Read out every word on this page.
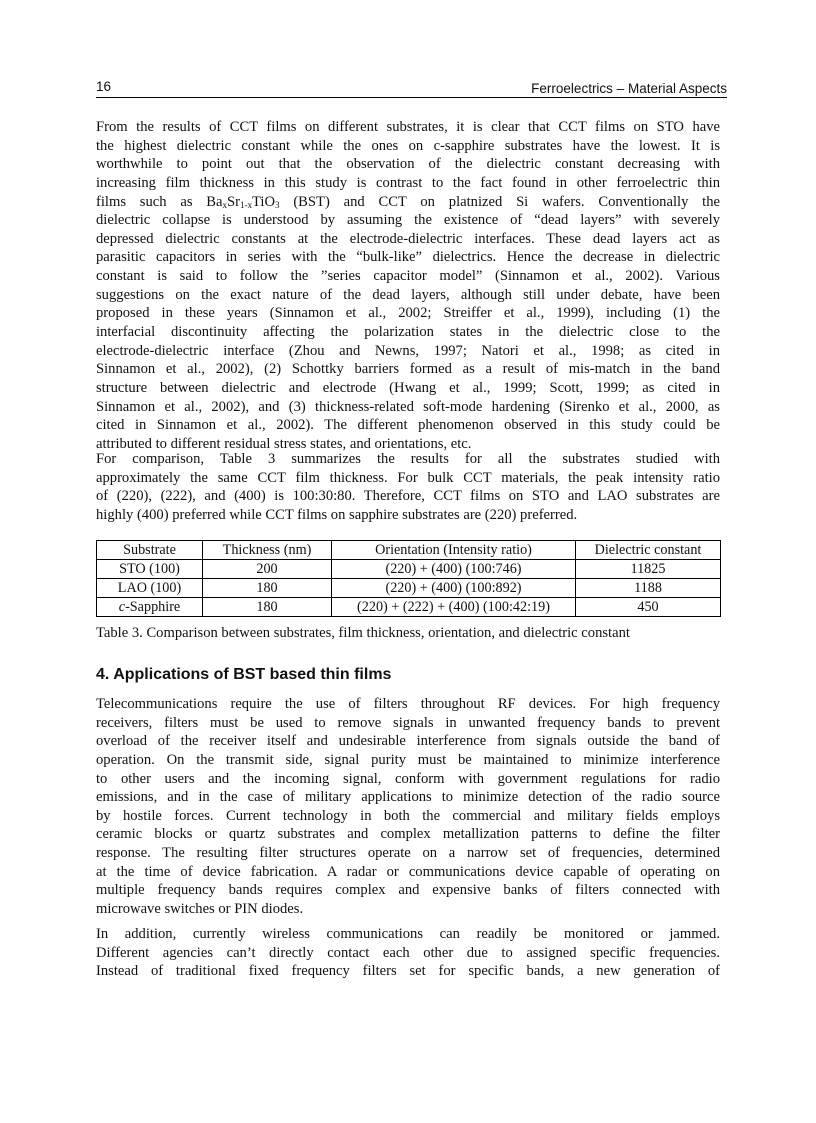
16	Ferroelectrics – Material Aspects
From the results of CCT films on different substrates, it is clear that CCT films on STO have
the highest dielectric constant while the ones on c-sapphire substrates have the lowest. It is
worthwhile to point out that the observation of the dielectric constant decreasing with
increasing film thickness in this study is contrast to the fact found in other ferroelectric thin
films such as $Ba_xSr_{1-x}TiO_3$ (BST) and CCT on platnized Si wafers. Conventionally the
dielectric collapse is understood by assuming the existence of “dead layers” with severely
depressed dielectric constants at the electrode-dielectric interfaces. These dead layers act as
parasitic capacitors in series with the “bulk-like” dielectrics. Hence the decrease in dielectric
constant is said to follow the ”series capacitor model” (Sinnamon et al., 2002). Various
suggestions on the exact nature of the dead layers, although still under debate, have been
proposed in these years (Sinnamon et al., 2002; Streiffer et al., 1999), including (1) the
interfacial discontinuity affecting the polarization states in the dielectric close to the
electrode-dielectric interface (Zhou and Newns, 1997; Natori et al., 1998; as cited in
Sinnamon et al., 2002), (2) Schottky barriers formed as a result of mis-match in the band
structure between dielectric and electrode (Hwang et al., 1999; Scott, 1999; as cited in
Sinnamon et al., 2002), and (3) thickness-related soft-mode hardening (Sirenko et al., 2000, as
cited in Sinnamon et al., 2002). The different phenomenon observed in this study could be
attributed to different residual stress states, and orientations, etc.
For comparison, Table 3 summarizes the results for all the substrates studied with
approximately the same CCT film thickness. For bulk CCT materials, the peak intensity ratio
of (220), (222), and (400) is 100:30:80. Therefore, CCT films on STO and LAO substrates are
highly (400) preferred while CCT films on sapphire substrates are (220) preferred.
Substrate	Thickness (nm)	Orientation (Intensity ratio)	Dielectric constant
STO (100)	200	(220) + (400) (100:746)	11825
LAO (100)	180	(220) + (400) (100:892)	1188
c-Sapphire	180	(220) + (222) + (400) (100:42:19)	450
Table 3. Comparison between substrates, film thickness, orientation, and dielectric constant
4. Applications of BST based thin films
Telecommunications require the use of filters throughout RF devices. For high frequency
receivers, filters must be used to remove signals in unwanted frequency bands to prevent
overload of the receiver itself and undesirable interference from signals outside the band of
operation. On the transmit side, signal purity must be maintained to minimize interference
to other users and the incoming signal, conform with government regulations for radio
emissions, and in the case of military applications to minimize detection of the radio source
by hostile forces. Current technology in both the commercial and military fields employs
ceramic blocks or quartz substrates and complex metallization patterns to define the filter
response. The resulting filter structures operate on a narrow set of frequencies, determined
at the time of device fabrication. A radar or communications device capable of operating on
multiple frequency bands requires complex and expensive banks of filters connected with
microwave switches or PIN diodes.
In addition, currently wireless communications can readily be monitored or jammed.
Different agencies can’t directly contact each other due to assigned specific frequencies.
Instead of traditional fixed frequency filters set for specific bands, a new generation of
